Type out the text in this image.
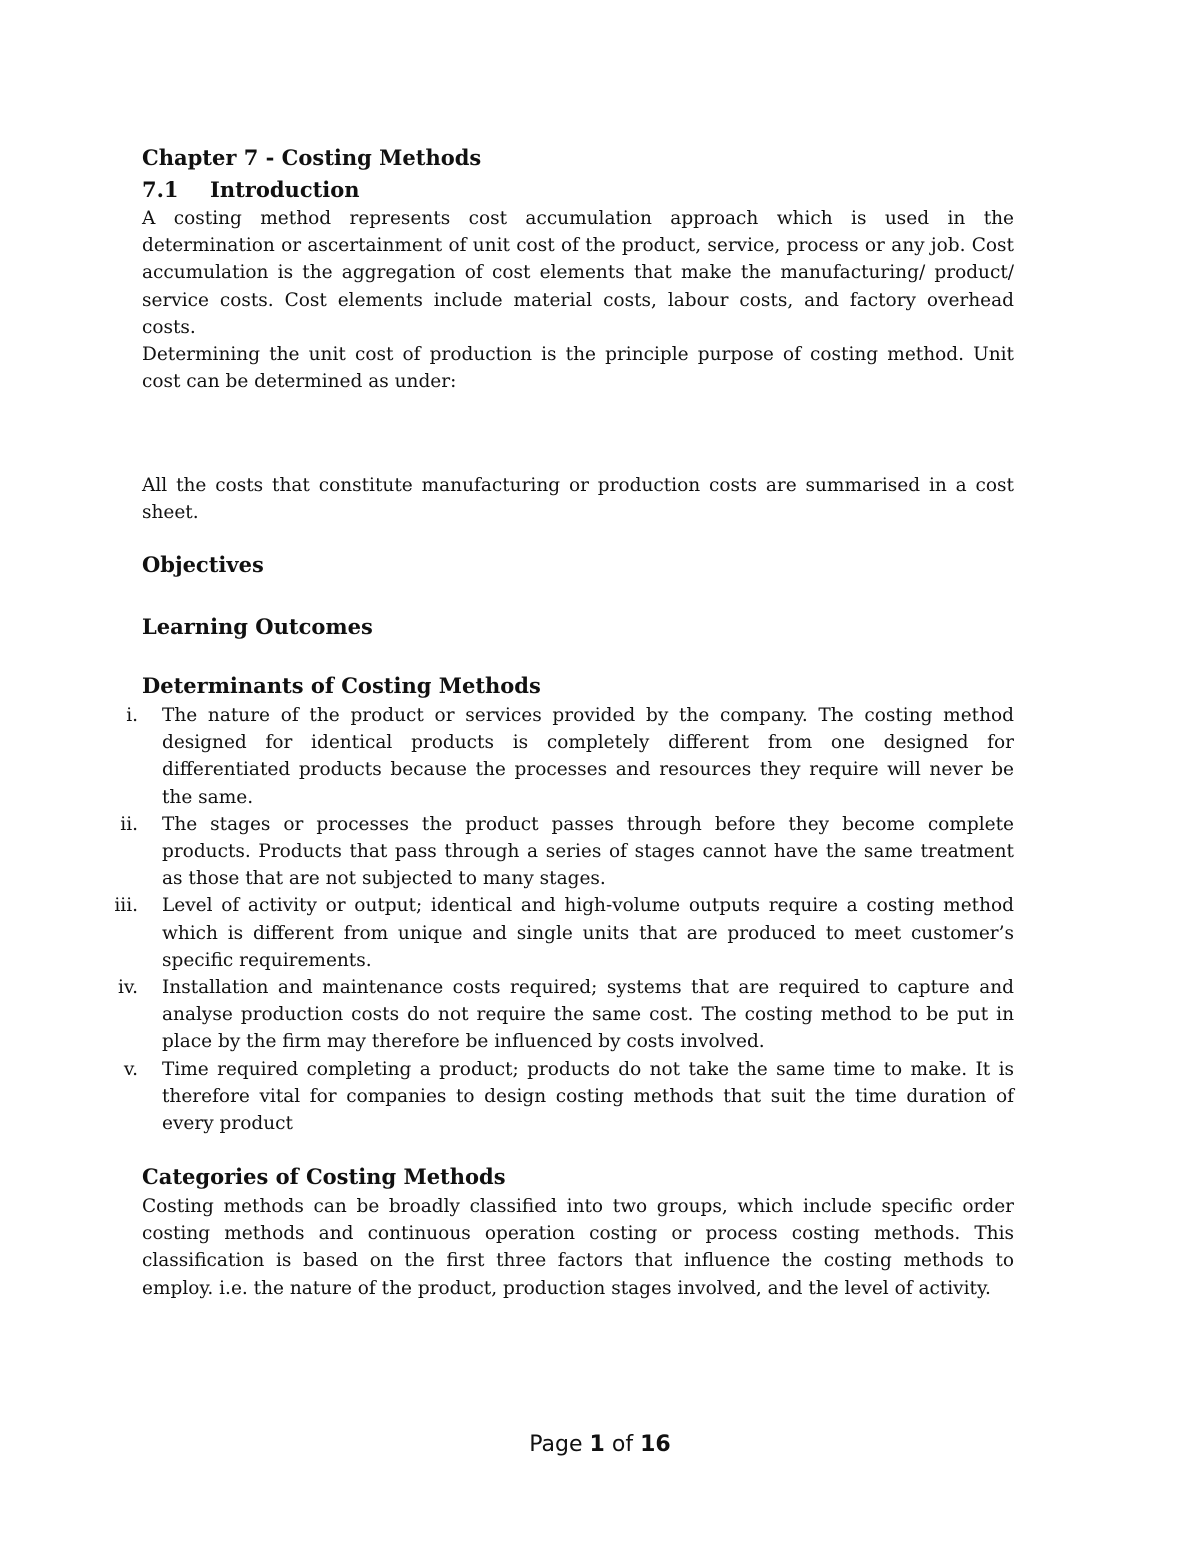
Chapter 7 - Costing Methods
7.1 Introduction

A costing method represents cost accumulation approach which is used in the determination or ascertainment of unit cost of the product, service, process or any job. Cost accumulation is the aggregation of cost elements that make the manufacturing/ product/ service costs. Cost elements include material costs, labour costs, and factory overhead costs.

Determining the unit cost of production is the principle purpose of costing method. Unit cost can be determined as under:

All the costs that constitute manufacturing or production costs are summarised in a cost sheet.

Objectives
Learning Outcomes
Determinants of Costing Methods
i. The nature of the product or services provided by the company. The costing method designed for identical products is completely different from one designed for differentiated products because the processes and resources they require will never be the same.
ii. The stages or processes the product passes through before they become complete products. Products that pass through a series of stages cannot have the same treatment as those that are not subjected to many stages.
iii. Level of activity or output; identical and high-volume outputs require a costing method which is different from unique and single units that are produced to meet customer’s specific requirements.
iv. Installation and maintenance costs required; systems that are required to capture and analyse production costs do not require the same cost. The costing method to be put in place by the firm may therefore be influenced by costs involved.
v. Time required completing a product; products do not take the same time to make. It is therefore vital for companies to design costing methods that suit the time duration of every product
Categories of Costing Methods

Costing methods can be broadly classified into two groups, which include specific order costing methods and continuous operation costing or process costing methods. This classification is based on the first three factors that influence the costing methods to employ. i.e. the nature of the product, production stages involved, and the level of activity.

Page 1 of 16
